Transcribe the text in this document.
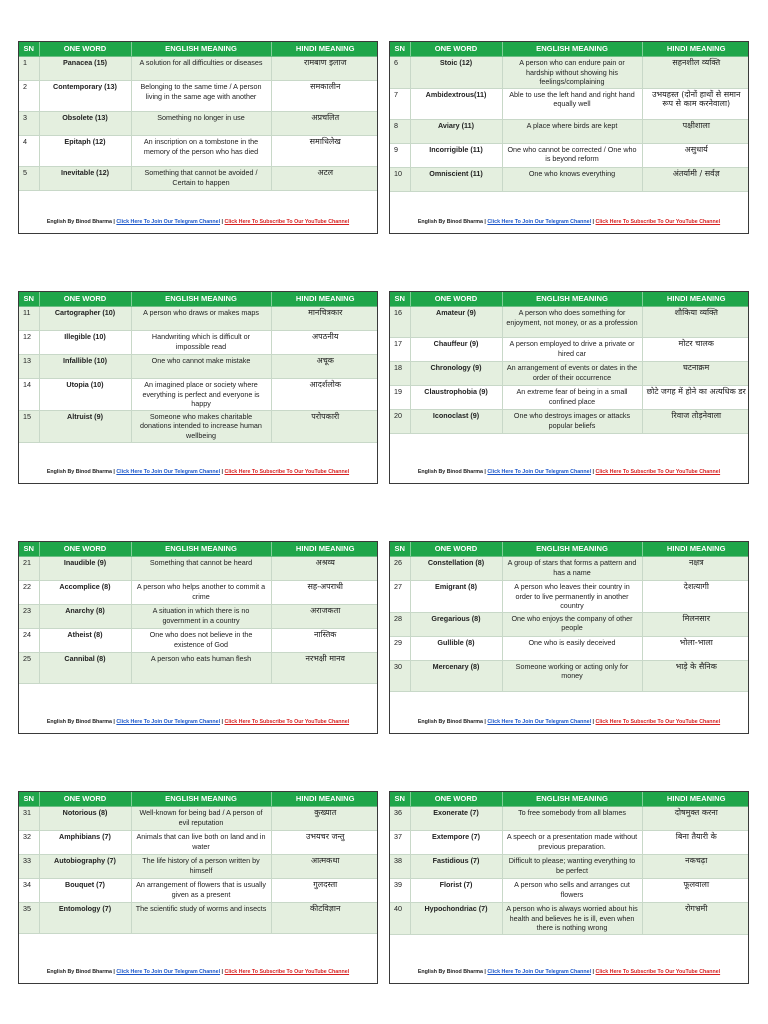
SN	ONE WORD	ENGLISH MEANING	HINDI MEANING
1	Panacea (15)	A solution for all difficulties or diseases	रामबाण इलाज
2	Contemporary (13)	Belonging to the same time / A person living in the same age with another	समकालीन
3	Obsolete (13)	Something no longer in use	अप्रचलित
4	Epitaph (12)	An inscription on a tombstone in the memory of the person who has died	समाधिलेख
5	Inevitable (12)	Something that cannot be avoided / Certain to happen	अटल
English By Binod Bharma | Click Here To Join Our Telegram Channel | Click Here To Subscribe To Our YouTube Channel
SN	ONE WORD	ENGLISH MEANING	HINDI MEANING
6	Stoic (12)	A person who can endure pain or hardship without showing his feelings/complaining	सहनशील व्यक्ति
7	Ambidextrous(11)	Able to use the left hand and right hand equally well	उभयहस्त (दोनों हाथों से समान रूप से काम करनेवाला)
8	Aviary (11)	A place where birds are kept	पक्षीशाला
9	Incorrigible (11)	One who cannot be corrected / One who is beyond reform	असुधार्य
10	Omniscient (11)	One who knows everything	अंतर्यामी / सर्वज्ञ
English By Binod Bharma | Click Here To Join Our Telegram Channel | Click Here To Subscribe To Our YouTube Channel
SN	ONE WORD	ENGLISH MEANING	HINDI MEANING
11	Cartographer (10)	A person who draws or makes maps	मानचित्रकार
12	Illegible (10)	Handwriting which is difficult or impossible read	अपठनीय
13	Infallible (10)	One who cannot make mistake	अचूक
14	Utopia (10)	An imagined place or society where everything is perfect and everyone is happy	आदर्शलोक
15	Altruist (9)	Someone who makes charitable donations intended to increase human wellbeing	परोपकारी
English By Binod Bharma | Click Here To Join Our Telegram Channel | Click Here To Subscribe To Our YouTube Channel
SN	ONE WORD	ENGLISH MEANING	HINDI MEANING
16	Amateur (9)	A person who does something for enjoyment, not money, or as a profession	शौकिया व्यक्ति
17	Chauffeur (9)	A person employed to drive a private or hired car	मोटर चालक
18	Chronology (9)	An arrangement of events or dates in the order of their occurrence	घटनाक्रम
19	Claustrophobia (9)	An extreme fear of being in a small confined place	छोटे जगह में होने का अत्यधिक डर
20	Iconoclast (9)	One who destroys images or attacks popular beliefs	रिवाज तोड़नेवाला
English By Binod Bharma | Click Here To Join Our Telegram Channel | Click Here To Subscribe To Our YouTube Channel
SN	ONE WORD	ENGLISH MEANING	HINDI MEANING
21	Inaudible (9)	Something that cannot be heard	अश्रव्य
22	Accomplice (8)	A person who helps another to commit a crime	सह-अपराधी
23	Anarchy (8)	A situation in which there is no government in a country	अराजकता
24	Atheist (8)	One who does not believe in the existence of God	नास्तिक
25	Cannibal (8)	A person who eats human flesh	नरभक्षी मानव
English By Binod Bharma | Click Here To Join Our Telegram Channel | Click Here To Subscribe To Our YouTube Channel
SN	ONE WORD	ENGLISH MEANING	HINDI MEANING
26	Constellation (8)	A group of stars that forms a pattern and has a name	नक्षत्र
27	Emigrant (8)	A person who leaves their country in order to live permanently in another country	देशत्यागी
28	Gregarious (8)	One who enjoys the company of other people	मिलनसार
29	Gullible (8)	One who is easily deceived	भोला-भाला
30	Mercenary (8)	Someone working or acting only for money	भाड़े के सैनिक
English By Binod Bharma | Click Here To Join Our Telegram Channel | Click Here To Subscribe To Our YouTube Channel
SN	ONE WORD	ENGLISH MEANING	HINDI MEANING
31	Notorious (8)	Well-known for being bad / A person of evil reputation	कुख्यात
32	Amphibians (7)	Animals that can live both on land and in water	उभयचर जन्तु
33	Autobiography (7)	The life history of a person written by himself	आत्मकथा
34	Bouquet (7)	An arrangement of flowers that is usually given as a present	गुलदस्ता
35	Entomology (7)	The scientific study of worms and insects	कीटविज्ञान
English By Binod Bharma | Click Here To Join Our Telegram Channel | Click Here To Subscribe To Our YouTube Channel
SN	ONE WORD	ENGLISH MEANING	HINDI MEANING
36	Exonerate (7)	To free somebody from all blames	दोषमुक्त करना
37	Extempore (7)	A speech or a presentation made without previous preparation.	बिना तैयारी के
38	Fastidious (7)	Difficult to please; wanting everything to be perfect	नकचढ़ा
39	Florist (7)	A person who sells and arranges cut flowers	फूलवाला
40	Hypochondriac (7)	A person who is always worried about his health and believes he is ill, even when there is nothing wrong	रोगभ्रमी
English By Binod Bharma | Click Here To Join Our Telegram Channel | Click Here To Subscribe To Our YouTube Channel
